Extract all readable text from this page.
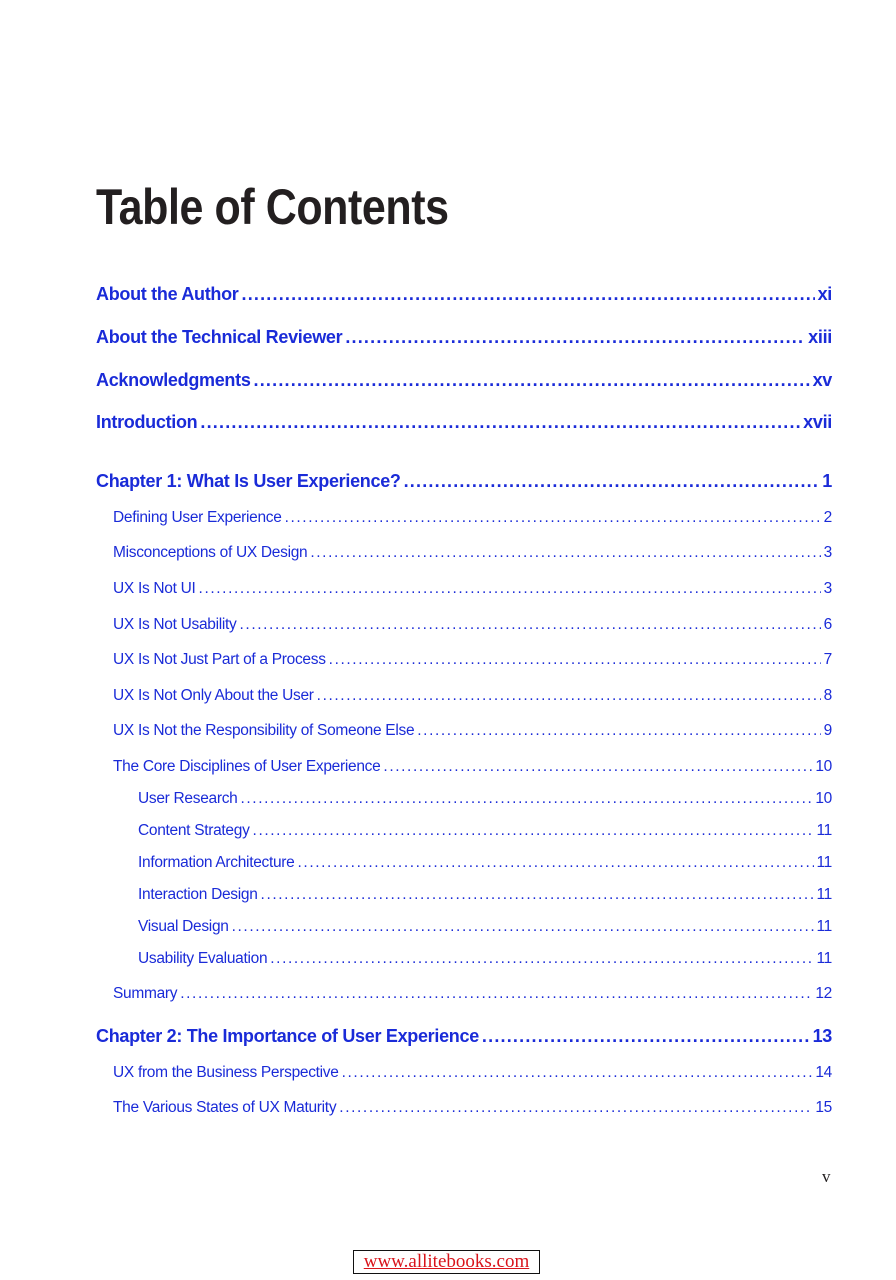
Table of Contents
About the Author .....	xi
About the Technical Reviewer .....	xiii
Acknowledgments .....	xv
Introduction .....	xvii
Chapter 1: What Is User Experience? .....	1
Defining User Experience .....	2
Misconceptions of UX Design .....	3
UX Is Not UI .....	3
UX Is Not Usability .....	6
UX Is Not Just Part of a Process .....	7
UX Is Not Only About the User .....	8
UX Is Not the Responsibility of Someone Else .....	9
The Core Disciplines of User Experience .....	10
User Research .....	10
Content Strategy .....	11
Information Architecture .....	11
Interaction Design .....	11
Visual Design .....	11
Usability Evaluation .....	11
Summary .....	12
Chapter 2: The Importance of User Experience .....	13
UX from the Business Perspective .....	14
The Various States of UX Maturity .....	15
v
www.allitebooks.com
